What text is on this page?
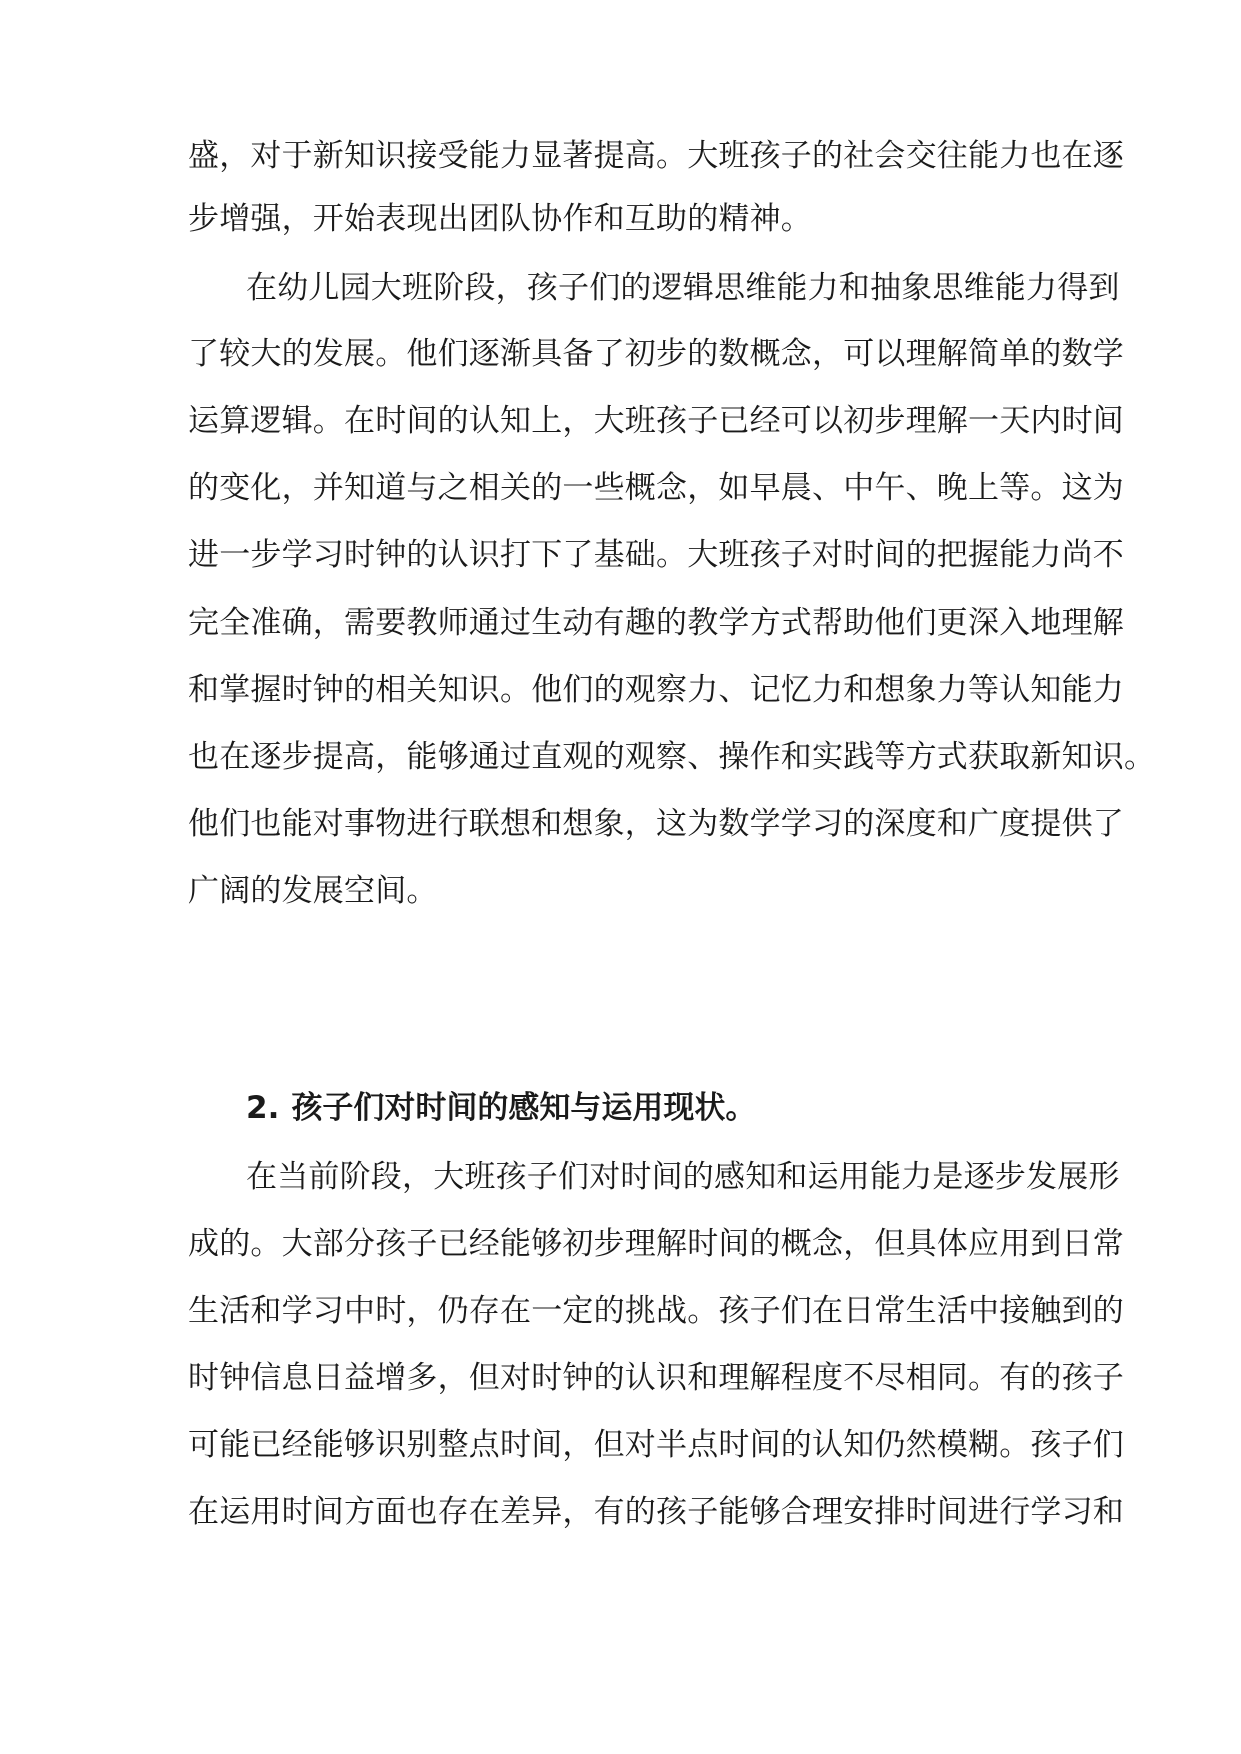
盛，对于新知识接受能力显著提高。大班孩子的社会交往能力也在逐
步增强，开始表现出团队协作和互助的精神。
在幼儿园大班阶段，孩子们的逻辑思维能力和抽象思维能力得到
了较大的发展。他们逐渐具备了初步的数概念，可以理解简单的数学
运算逻辑。在时间的认知上，大班孩子已经可以初步理解一天内时间
的变化，并知道与之相关的一些概念，如早晨、中午、晚上等。这为
进一步学习时钟的认识打下了基础。大班孩子对时间的把握能力尚不
完全准确，需要教师通过生动有趣的教学方式帮助他们更深入地理解
和掌握时钟的相关知识。他们的观察力、记忆力和想象力等认知能力
也在逐步提高，能够通过直观的观察、操作和实践等方式获取新知识。
他们也能对事物进行联想和想象，这为数学学习的深度和广度提供了
广阔的发展空间。
2. 孩子们对时间的感知与运用现状。
在当前阶段，大班孩子们对时间的感知和运用能力是逐步发展形
成的。大部分孩子已经能够初步理解时间的概念，但具体应用到日常
生活和学习中时，仍存在一定的挑战。孩子们在日常生活中接触到的
时钟信息日益增多，但对时钟的认识和理解程度不尽相同。有的孩子
可能已经能够识别整点时间，但对半点时间的认知仍然模糊。孩子们
在运用时间方面也存在差异，有的孩子能够合理安排时间进行学习和
